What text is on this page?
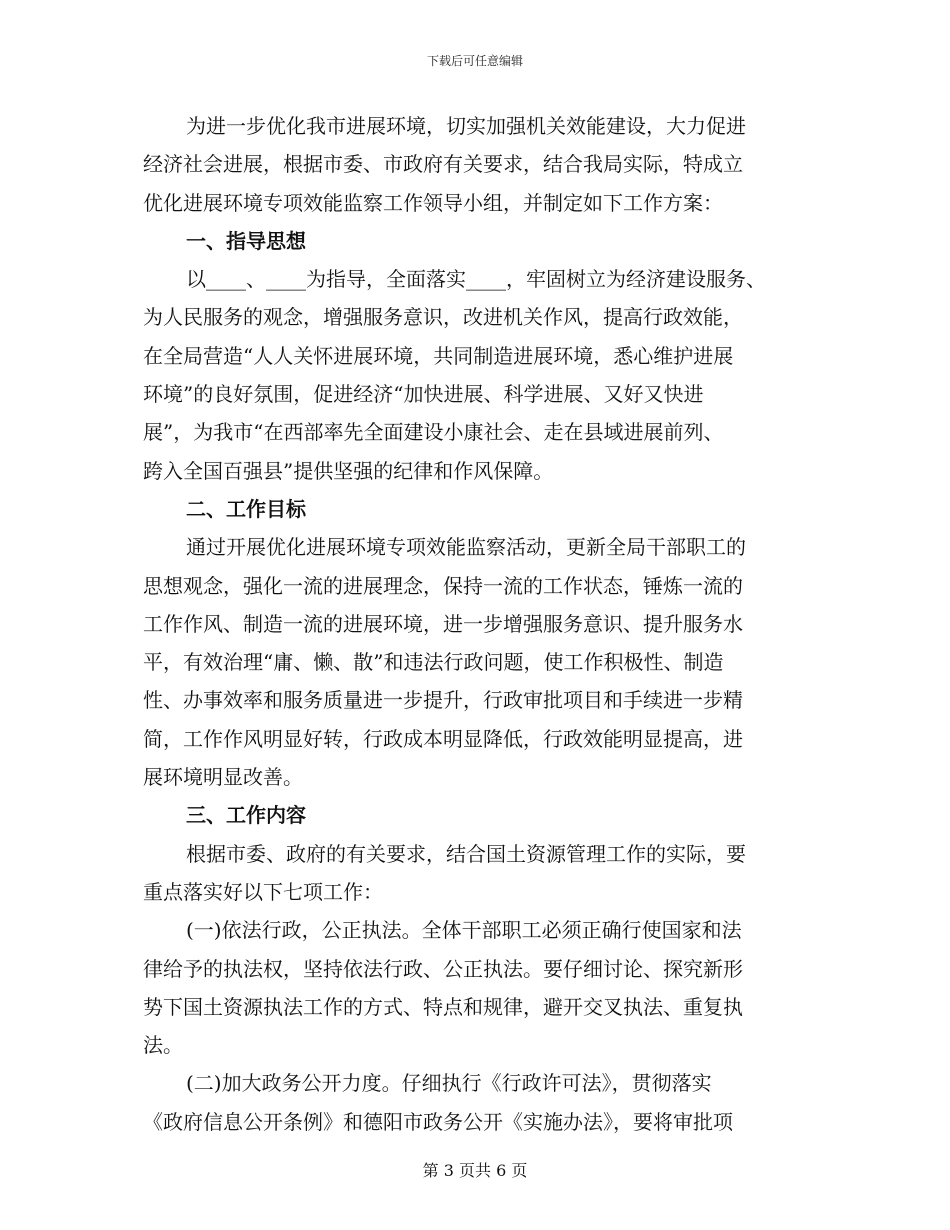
下载后可任意编辑
为进一步优化我市进展环境，切实加强机关效能建设，大力促进
经济社会进展，根据市委、市政府有关要求，结合我局实际，特成立
优化进展环境专项效能监察工作领导小组，并制定如下工作方案：
一、指导思想
以____、____为指导，全面落实____，牢固树立为经济建设服务、
为人民服务的观念，增强服务意识，改进机关作风，提高行政效能，
在全局营造“人人关怀进展环境，共同制造进展环境，悉心维护进展
环境”的良好氛围，促进经济“加快进展、科学进展、又好又快进
展”，为我市“在西部率先全面建设小康社会、走在县域进展前列、
跨入全国百强县”提供坚强的纪律和作风保障。
二、工作目标
通过开展优化进展环境专项效能监察活动，更新全局干部职工的
思想观念，强化一流的进展理念，保持一流的工作状态，锤炼一流的
工作作风、制造一流的进展环境，进一步增强服务意识、提升服务水
平，有效治理“庸、懒、散”和违法行政问题，使工作积极性、制造
性、办事效率和服务质量进一步提升，行政审批项目和手续进一步精
简，工作作风明显好转，行政成本明显降低，行政效能明显提高，进
展环境明显改善。
三、工作内容
根据市委、政府的有关要求，结合国土资源管理工作的实际，要
重点落实好以下七项工作：
(一)依法行政，公正执法。全体干部职工必须正确行使国家和法
律给予的执法权，坚持依法行政、公正执法。要仔细讨论、探究新形
势下国土资源执法工作的方式、特点和规律，避开交叉执法、重复执
法。
(二)加大政务公开力度。仔细执行《行政许可法》，贯彻落实
《政府信息公开条例》和德阳市政务公开《实施办法》，要将审批项
第 3 页共 6 页
